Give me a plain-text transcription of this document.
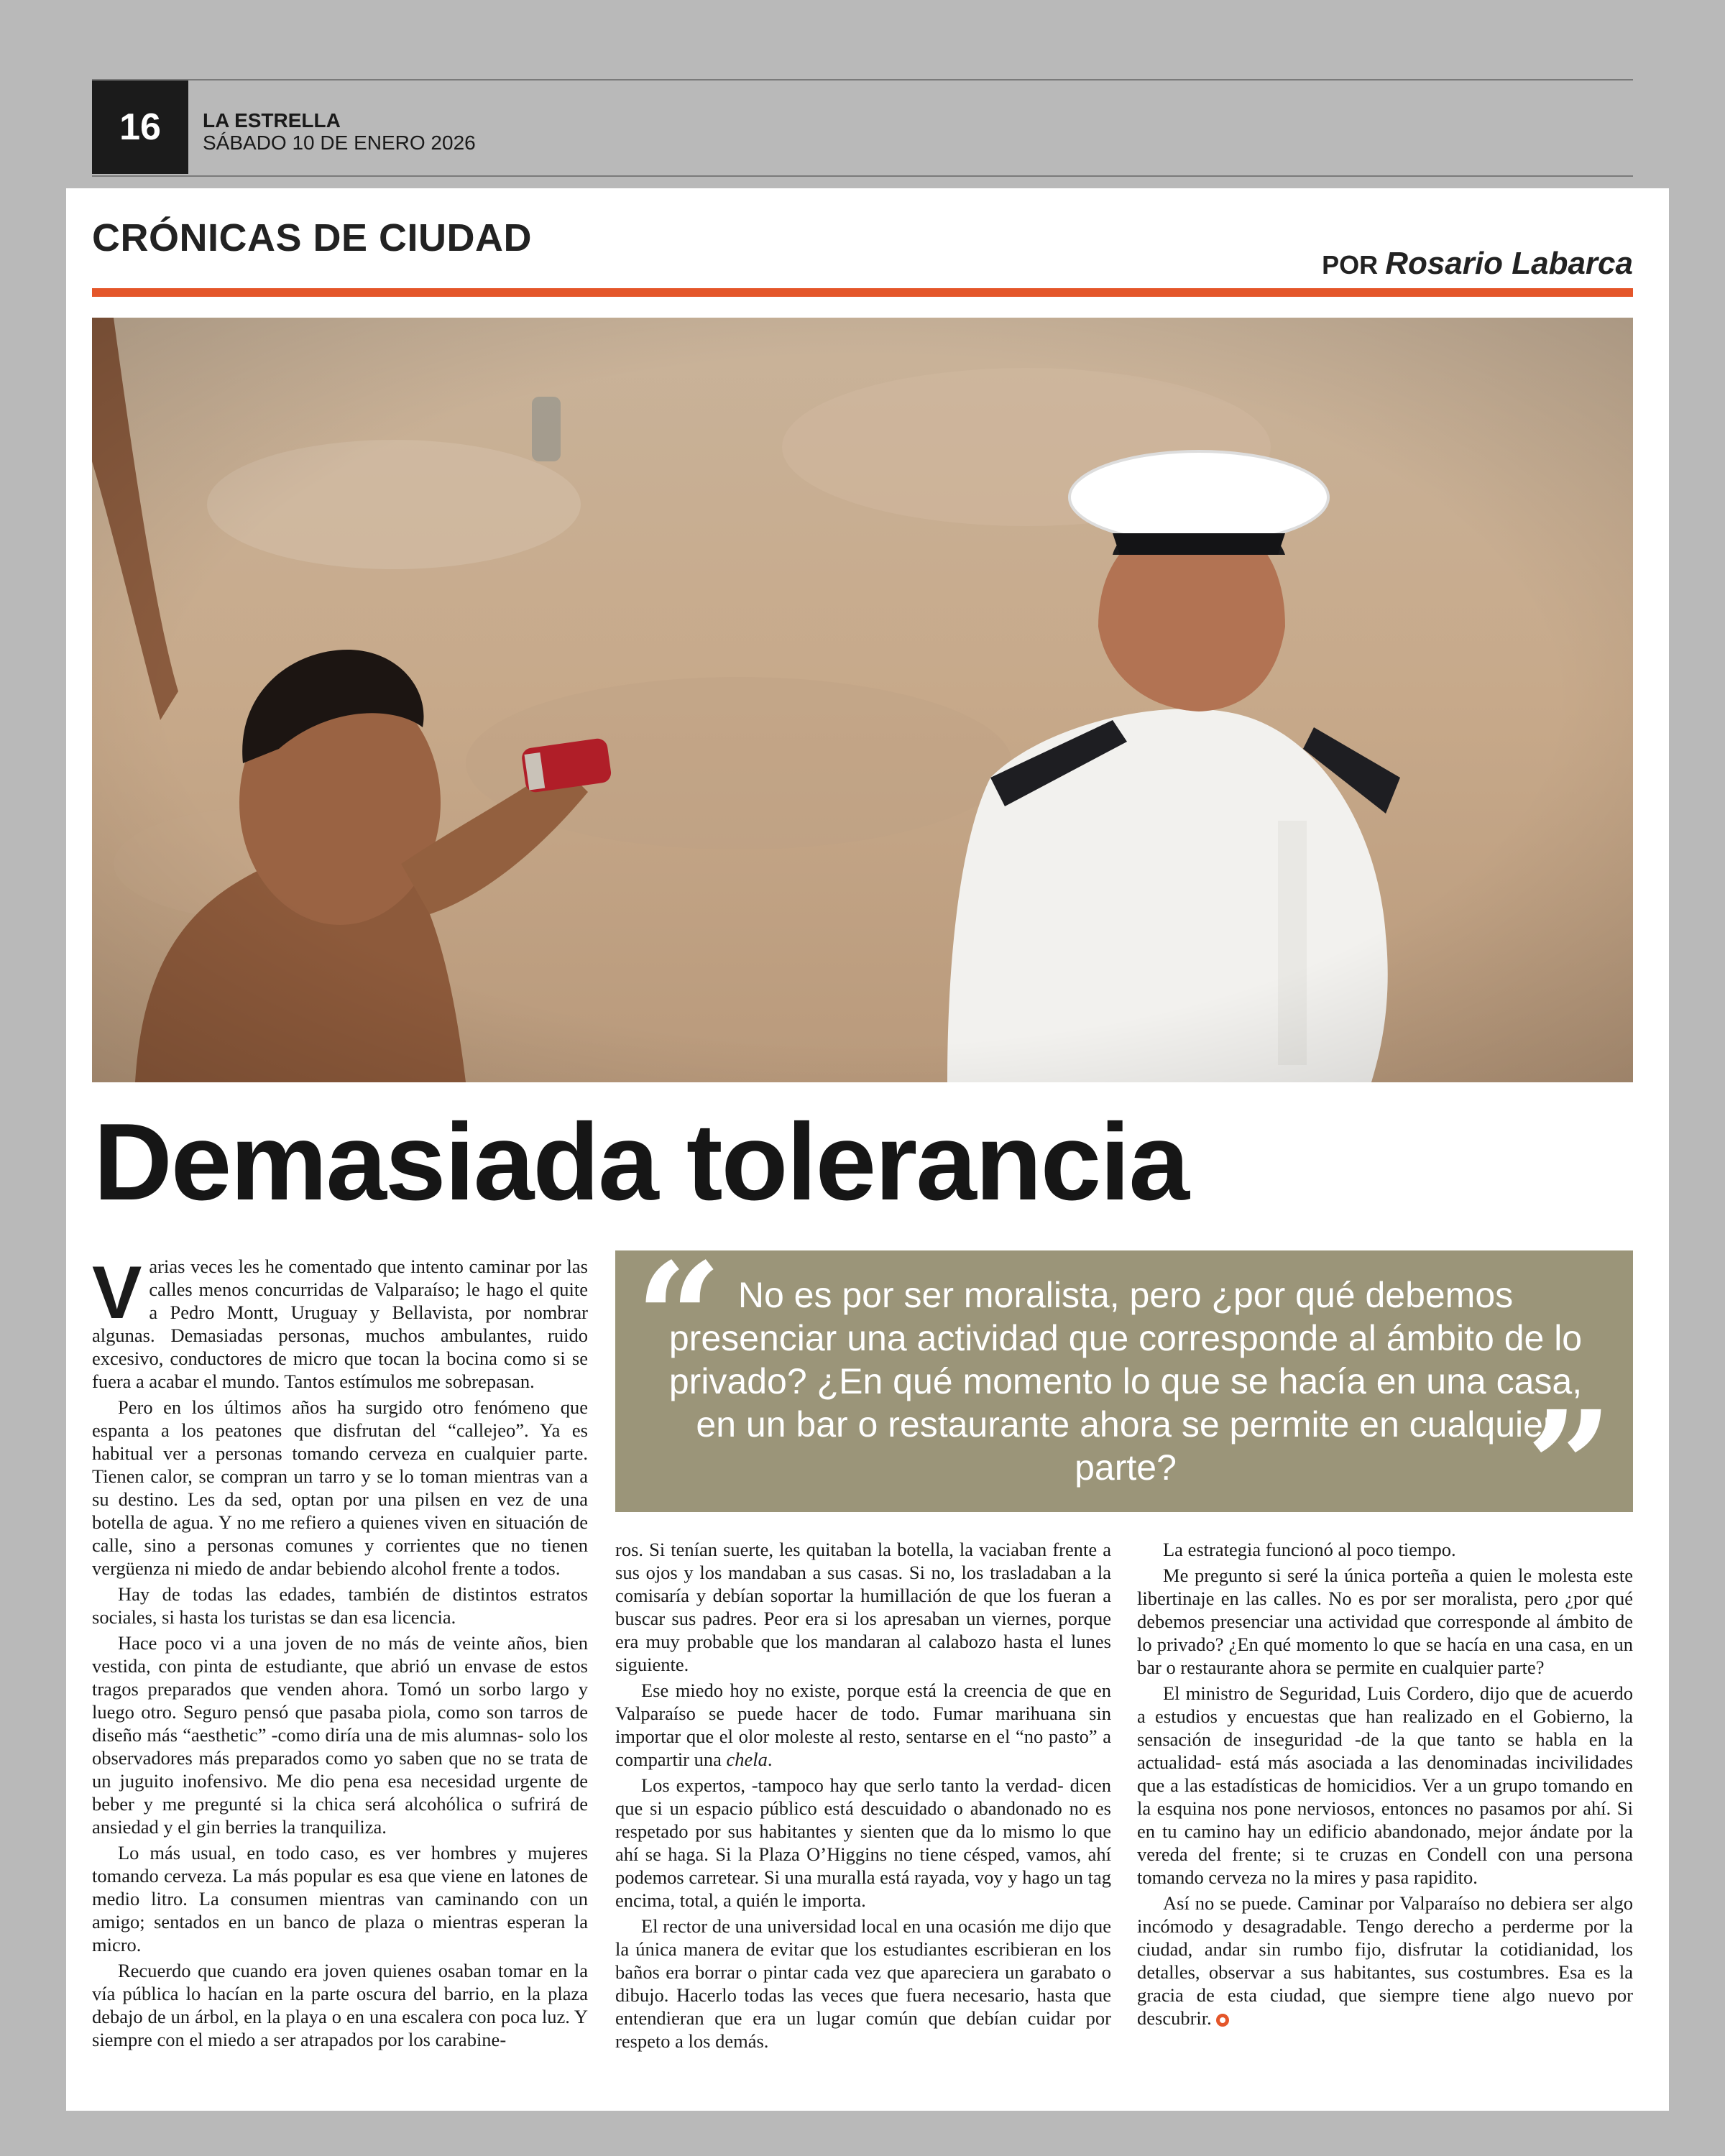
16	LA ESTRELLA
SÁBADO 10 DE ENERO 2026
CRÓNICAS DE CIUDAD
POR Rosario Labarca
Demasiada tolerancia
“ No es por ser moralista, pero ¿por qué debemos presenciar una actividad que corresponde al ámbito de lo privado? ¿En qué momento lo que se hacía en una casa, en un bar o restaurante ahora se permite en cualquier parte?	”

Varias veces les he comentado que intento caminar por las calles menos concurridas de Valparaíso; le hago el quite a Pedro Montt, Uruguay y Bellavista, por nombrar algunas. Demasiadas personas, muchos ambulantes, ruido excesivo, conductores de micro que tocan la bocina como si se fuera a acabar el mundo. Tantos estímulos me sobrepasan.

Pero en los últimos años ha surgido otro fenómeno que espanta a los peatones que disfrutan del “callejeo”. Ya es habitual ver a personas tomando cerveza en cualquier parte. Tienen calor, se compran un tarro y se lo toman mientras van a su destino. Les da sed, optan por una pilsen en vez de una botella de agua. Y no me refiero a quienes viven en situación de calle, sino a personas comunes y corrientes que no tienen vergüenza ni miedo de andar bebiendo alcohol frente a todos.

Hay de todas las edades, también de distintos estratos sociales, si hasta los turistas se dan esa licencia.

Hace poco vi a una joven de no más de veinte años, bien vestida, con pinta de estudiante, que abrió un envase de estos tragos preparados que venden ahora. Tomó un sorbo largo y luego otro. Seguro pensó que pasaba piola, como son tarros de diseño más “aesthetic” -como diría una de mis alumnas- solo los observadores más preparados como yo saben que no se trata de un juguito inofensivo. Me dio pena esa necesidad urgente de beber y me pregunté si la chica será alcohólica o sufrirá de ansiedad y el gin berries la tranquiliza.

Lo más usual, en todo caso, es ver hombres y mujeres tomando cerveza. La más popular es esa que viene en latones de medio litro. La consumen mientras van caminando con un amigo; sentados en un banco de plaza o mientras esperan la micro.

Recuerdo que cuando era joven quienes osaban tomar en la vía pública lo hacían en la parte oscura del barrio, en la plaza debajo de un árbol, en la playa o en una escalera con poca luz. Y siempre con el miedo a ser atrapados por los carabine-

ros. Si tenían suerte, les quitaban la botella, la vaciaban frente a sus ojos y los mandaban a sus casas. Si no, los trasladaban a la comisaría y debían soportar la humillación de que los fueran a buscar sus padres. Peor era si los apresaban un viernes, porque era muy probable que los mandaran al calabozo hasta el lunes siguiente.

Ese miedo hoy no existe, porque está la creencia de que en Valparaíso se puede hacer de todo. Fumar marihuana sin importar que el olor moleste al resto, sentarse en el “no pasto” a compartir una chela.

Los expertos, -tampoco hay que serlo tanto la verdad- dicen que si un espacio público está descuidado o abandonado no es respetado por sus habitantes y sienten que da lo mismo lo que ahí se haga. Si la Plaza O’Higgins no tiene césped, vamos, ahí podemos carretear. Si una muralla está rayada, voy y hago un tag encima, total, a quién le importa.

El rector de una universidad local en una ocasión me dijo que la única manera de evitar que los estudiantes escribieran en los baños era borrar o pintar cada vez que apareciera un garabato o dibujo. Hacerlo todas las veces que fuera necesario, hasta que entendieran que era un lugar común que debían cuidar por respeto a los demás.

La estrategia funcionó al poco tiempo.

Me pregunto si seré la única porteña a quien le molesta este libertinaje en las calles. No es por ser moralista, pero ¿por qué debemos presenciar una actividad que corresponde al ámbito de lo privado? ¿En qué momento lo que se hacía en una casa, en un bar o restaurante ahora se permite en cualquier parte?

El ministro de Seguridad, Luis Cordero, dijo que de acuerdo a estudios y encuestas que han realizado en el Gobierno, la sensación de inseguridad -de la que tanto se habla en la actualidad- está más asociada a las denominadas incivilidades que a las estadísticas de homicidios. Ver a un grupo tomando en la esquina nos pone nerviosos, entonces no pasamos por ahí. Si en tu camino hay un edificio abandonado, mejor ándate por la vereda del frente; si te cruzas en Condell con una persona tomando cerveza no la mires y pasa rapidito.

Así no se puede. Caminar por Valparaíso no debiera ser algo incómodo y desagradable. Tengo derecho a perderme por la ciudad, andar sin rumbo fijo, disfrutar la cotidianidad, los detalles, observar a sus habitantes, sus costumbres. Esa es la gracia de esta ciudad, que siempre tiene algo nuevo por descubrir.
